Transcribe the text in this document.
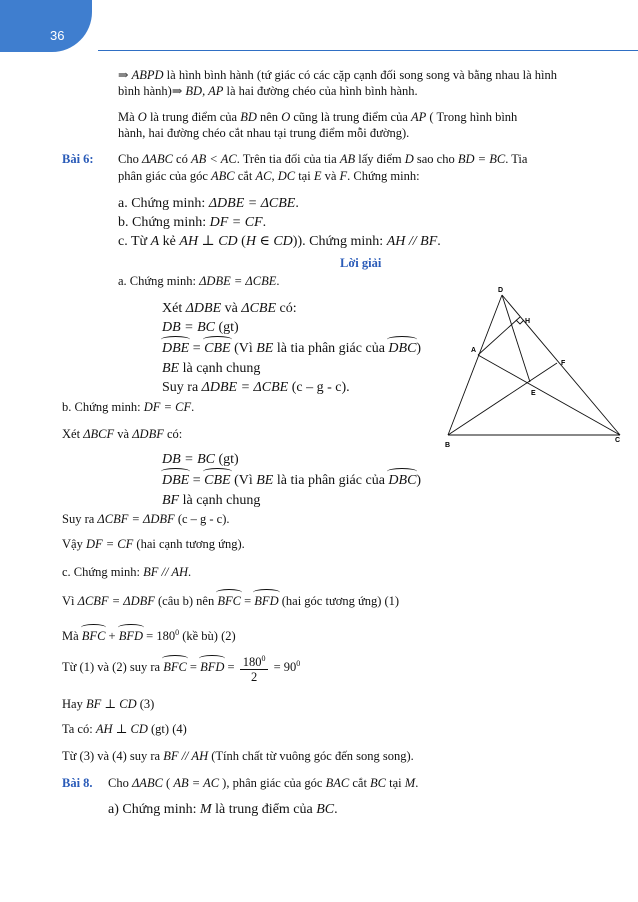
36
⇒ ABPD là hình bình hành (tứ giác có các cặp cạnh đối song song và bằng nhau là hình
bình hành)⇒ BD, AP là hai đường chéo của hình bình hành.
Mà O là trung điểm của BD nên O cũng là trung điểm của AP ( Trong hình bình
hành, hai đường chéo cắt nhau tại trung điểm mỗi đường).
Bài 6: Cho ΔABC có AB < AC. Trên tia đối của tia AB lấy điểm D sao cho BD = BC. Tia
phân giác của góc ABC cắt AC, DC tại E và F. Chứng minh:
a. Chứng minh: ΔDBE = ΔCBE.
b. Chứng minh: DF = CF.
c. Từ A kẻ AH ⊥ CD (H ∈ CD)). Chứng minh: AH // BF.
Lời giải
a. Chứng minh: ΔDBE = ΔCBE.
Xét ΔDBE và ΔCBE có:
DB = BC (gt)
DBE = CBE (Vì BE là tia phân giác của DBC)
BE là cạnh chung
Suy ra ΔDBE = ΔCBE (c – g - c).
b. Chứng minh: DF = CF.
Xét ΔBCF và ΔDBF có:
DB = BC (gt)
DBE = CBE (Vì BE là tia phân giác của DBC)
BF là cạnh chung
Suy ra ΔCBF = ΔDBF (c – g - c).
Vậy DF = CF (hai cạnh tương ứng).
c. Chứng minh: BF // AH.
Vì ΔCBF = ΔDBF (câu b) nên BFC = BFD (hai góc tương ứng) (1)
Mà BFC + BFD = $180^0$ (kề bù) (2)
Từ (1) và (2) suy ra BFC = BFD = $\frac{180^0}{2} = 90^0$
Hay BF ⊥ CD (3)
Ta có: AH ⊥ CD (gt) (4)
Từ (3) và (4) suy ra BF // AH (Tính chất từ vuông góc đến song song).
Bài 8. Cho ΔABC ( AB = AC ), phân giác của góc BAC cắt BC tại M.
a) Chứng minh: M là trung điểm của BC.
D
H
A
F
E
B
C
